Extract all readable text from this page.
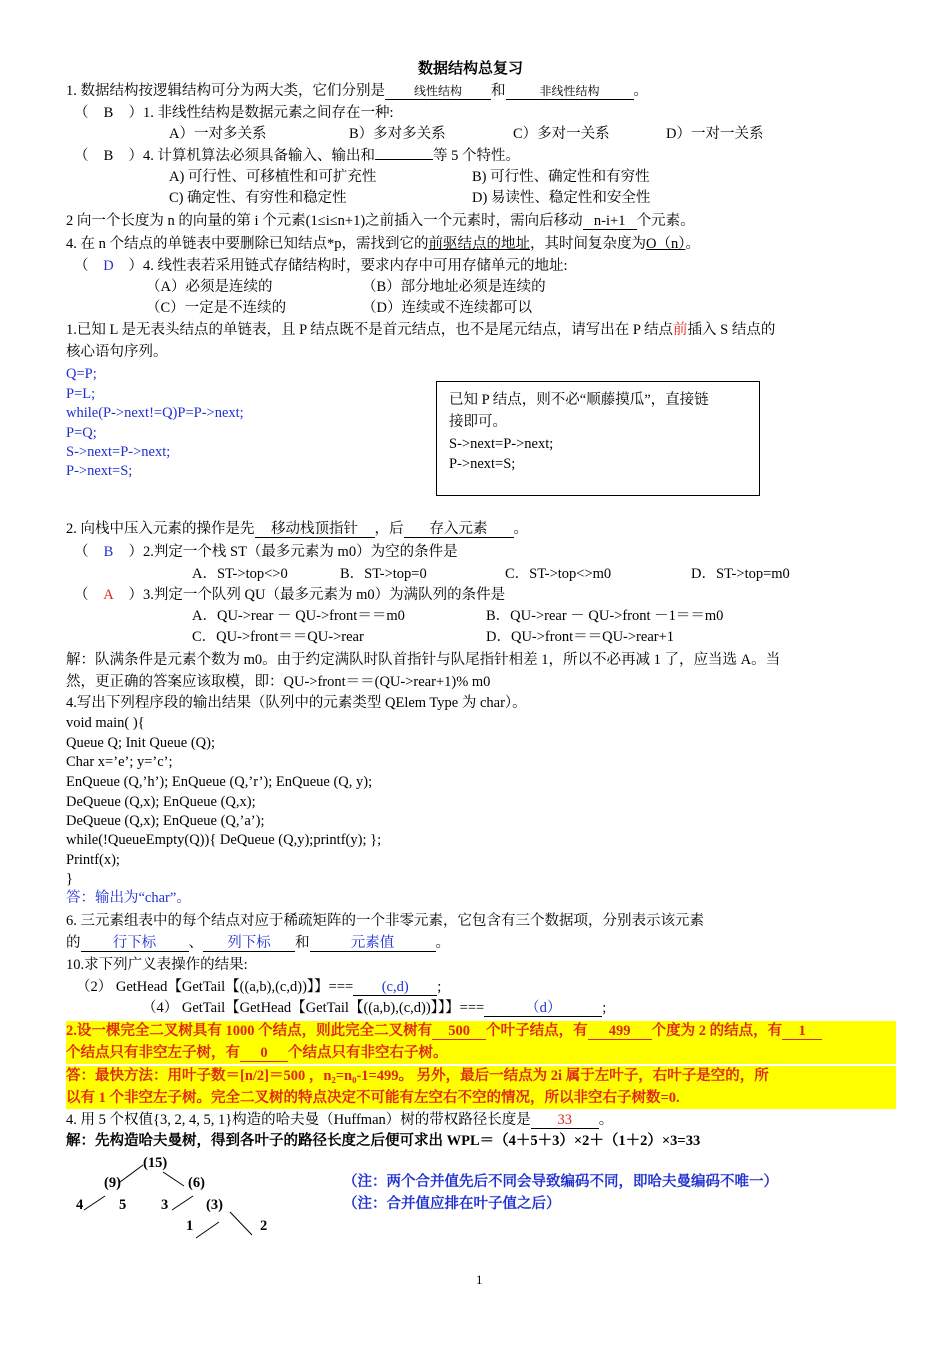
数据结构总复习
1. 数据结构按逻辑结构可分为两大类，它们分别是 线性结构 和	非线性结构 。
（ B ）1. 非线性结构是数据元素之间存在一种:
A）一对多关系	B）多对多关系	C）多对一关系	D）一对一关系
（ B ）4. 计算机算法必须具备输入、输出和	等 5 个特性。
A) 可行性、可移植性和可扩充性	B) 可行性、确定性和有穷性
C) 确定性、有穷性和稳定性	D) 易读性、稳定性和安全性
2 向一个长度为 n 的向量的第 i 个元素(1≤i≤n+1)之前插入一个元素时，需向后移动 n-i+1 个元素。
4. 在 n 个结点的单链表中要删除已知结点*p，需找到它的前驱结点的地址，其时间复杂度为O（n）。
（ D ）4. 线性表若采用链式存储结构时，要求内存中可用存储单元的地址:
（A）必须是连续的	（B）部分地址必须是连续的
（C）一定是不连续的	（D）连续或不连续都可以
1.已知 L 是无表头结点的单链表，且 P 结点既不是首元结点，也不是尾元结点，请写出在 P 结点前插入 S 结点的
核心语句序列。
Q=P;
P=L;
while(P->next!=Q)P=P->next;
P=Q;
S->next=P->next;
P->next=S;
已知 P 结点，则不必“顺藤摸瓜”，直接链
接即可。
S->next=P->next;
P->next=S;
2. 向栈中压入元素的操作是先 移动栈顶指针 ，后 存入元素 。
（ B ）2.判定一个栈 ST（最多元素为 m0）为空的条件是
A．ST->top<>0	B．ST->top=0	C．ST->top<>m0	D．ST->top=m0
（ A ）3.判定一个队列 QU（最多元素为 m0）为满队列的条件是
A．QU->rear － QU->front＝＝m0	B．QU->rear － QU->front －1＝＝m0
C．QU->front＝＝QU->rear	D．QU->front＝＝QU->rear+1
解：队满条件是元素个数为 m0。由于约定满队时队首指针与队尾指针相差 1，所以不必再减 1 了，应当选 A。当
然，更正确的答案应该取模，即：QU->front＝＝(QU->rear+1)% m0
4.写出下列程序段的输出结果（队列中的元素类型 QElem Type 为 char）。
void main( ){
Queue Q; Init Queue (Q);
Char x=’e’; y=’c’;
EnQueue (Q,’h’); EnQueue (Q,’r’); EnQueue (Q, y);
DeQueue (Q,x); EnQueue (Q,x);
DeQueue (Q,x); EnQueue (Q,’a’);
while(!QueueEmpty(Q)){ DeQueue (Q,y);printf(y); };
Printf(x);
}
答：输出为“char”。
6. 三元素组表中的每个结点对应于稀疏矩阵的一个非零元素，它包含有三个数据项，分别表示该元素
的 行下标 、 列下标 和	元素值	。
10.求下列广义表操作的结果:
（2） GetHead【GetTail【((a,b),(c,d))】】=== (c,d) ;
（4） GetTail【GetHead【GetTail【((a,b),(c,d))】】】===	（d）	;
2.设一棵完全二叉树具有 1000 个结点，则此完全二叉树有 500 个叶子结点，有 499 个度为 2 的结点，有 1
个结点只有非空左子树，有 0 个结点只有非空右子树。
答：最快方法：用叶子数＝[n/2]＝500 ，n₂=n₀-1=499。 另外，最后一结点为 2i 属于左叶子，右叶子是空的，所
以有 1 个非空左子树。完全二叉树的特点决定不可能有左空右不空的情况，所以非空右子树数=0.
4. 用 5 个权值{3, 2, 4, 5, 1}构造的哈夫曼（Huffman）树的带权路径长度是 33 。
解：先构造哈夫曼树，得到各叶子的路径长度之后便可求出 WPL＝（4＋5＋3）×2＋（1＋2）×3=33
(15)
(9)	(6)
4 5 3	(3)
1	2
（注：两个合并值先后不同会导致编码不同，即哈夫曼编码不唯一）
（注：合并值应排在叶子值之后）
1
